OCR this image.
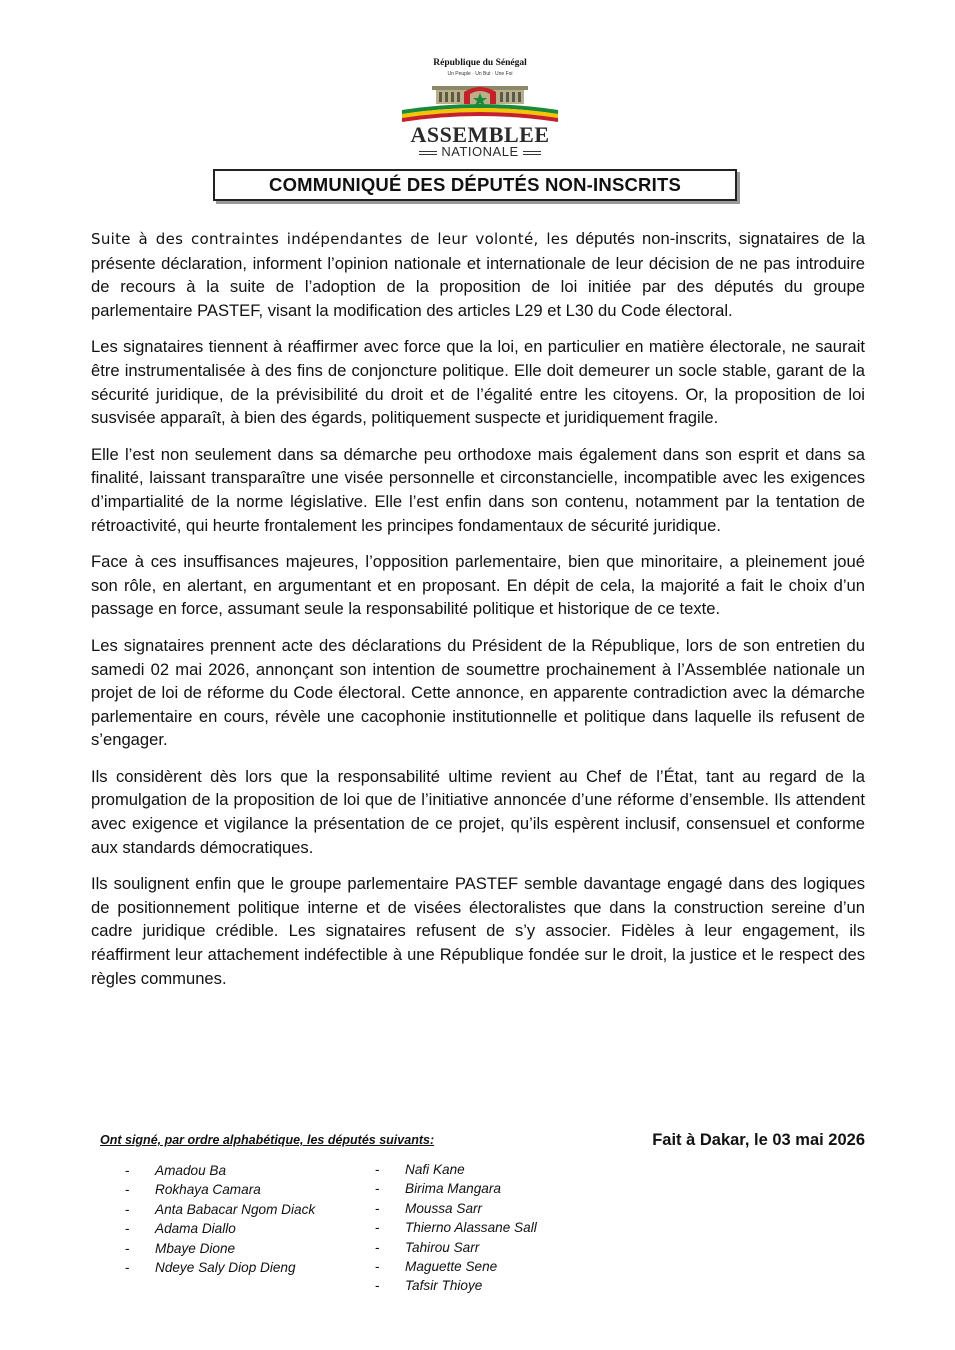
République du Sénégal
Un Peuple · Un But · Une Foi
ASSEMBLEE
NATIONALE
COMMUNIQUÉ DES DÉPUTÉS NON-INSCRITS

Suite à des contraintes indépendantes de leur volonté, les députés non-inscrits, signataires de la présente déclaration, informent l’opinion nationale et internationale de leur décision de ne pas introduire de recours à la suite de l’adoption de la proposition de loi initiée par des députés du groupe parlementaire PASTEF, visant la modification des articles L29 et L30 du Code électoral.

Les signataires tiennent à réaffirmer avec force que la loi, en particulier en matière électorale, ne saurait être instrumentalisée à des fins de conjoncture politique. Elle doit demeurer un socle stable, garant de la sécurité juridique, de la prévisibilité du droit et de l’égalité entre les citoyens. Or, la proposition de loi susvisée apparaît, à bien des égards, politiquement suspecte et juridiquement fragile.

Elle l’est non seulement dans sa démarche peu orthodoxe mais également dans son esprit et dans sa finalité, laissant transparaître une visée personnelle et circonstancielle, incompatible avec les exigences d’impartialité de la norme législative. Elle l’est enfin dans son contenu, notamment par la tentation de rétroactivité, qui heurte frontalement les principes fondamentaux de sécurité juridique.

Face à ces insuffisances majeures, l’opposition parlementaire, bien que minoritaire, a pleinement joué son rôle, en alertant, en argumentant et en proposant. En dépit de cela, la majorité a fait le choix d’un passage en force, assumant seule la responsabilité politique et historique de ce texte.

Les signataires prennent acte des déclarations du Président de la République, lors de son entretien du samedi 02 mai 2026, annonçant son intention de soumettre prochainement à l’Assemblée nationale un projet de loi de réforme du Code électoral. Cette annonce, en apparente contradiction avec la démarche parlementaire en cours, révèle une cacophonie institutionnelle et politique dans laquelle ils refusent de s’engager.

Ils considèrent dès lors que la responsabilité ultime revient au Chef de l’État, tant au regard de la promulgation de la proposition de loi que de l’initiative annoncée d’une réforme d’ensemble. Ils attendent avec exigence et vigilance la présentation de ce projet, qu’ils espèrent inclusif, consensuel et conforme aux standards démocratiques.

Ils soulignent enfin que le groupe parlementaire PASTEF semble davantage engagé dans des logiques de positionnement politique interne et de visées électoralistes que dans la construction sereine d’un cadre juridique crédible. Les signataires refusent de s’y associer. Fidèles à leur engagement, ils réaffirment leur attachement indéfectible à une République fondée sur le droit, la justice et le respect des règles communes.

Ont signé, par ordre alphabétique, les députés suivants:	Fait à Dakar, le 03 mai 2026
- Amadou Ba
- Rokhaya Camara
- Anta Babacar Ngom Diack
- Adama Diallo
- Mbaye Dione
- Ndeye Saly Diop Dieng
- Nafi Kane
- Birima Mangara
- Moussa Sarr
- Thierno Alassane Sall
- Tahirou Sarr
- Maguette Sene
- Tafsir Thioye
